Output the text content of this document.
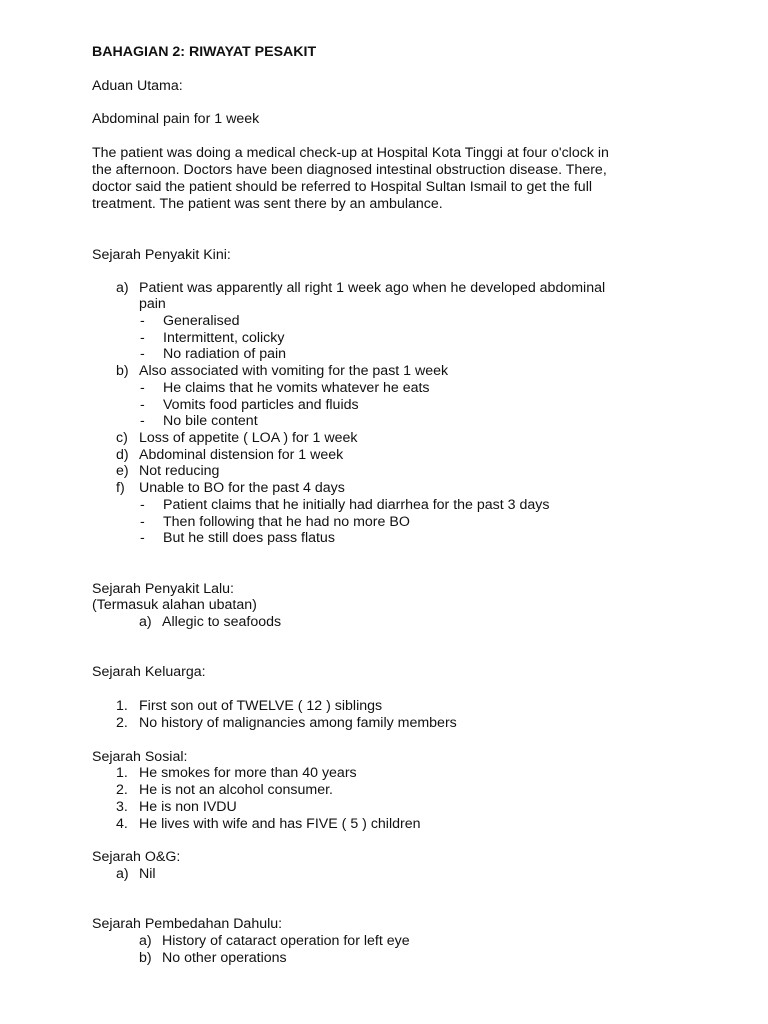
BAHAGIAN 2: RIWAYAT PESAKIT
Aduan Utama:
Abdominal pain for 1 week
The patient was doing a medical check-up at Hospital Kota Tinggi at four o'clock in
the afternoon. Doctors have been diagnosed intestinal obstruction disease. There,
doctor said the patient should be referred to Hospital Sultan Ismail to get the full
treatment. The patient was sent there by an ambulance.
Sejarah Penyakit Kini:
a) Patient was apparently all right 1 week ago when he developed abdominal
pain
- Generalised
- Intermittent, colicky
- No radiation of pain
b) Also associated with vomiting for the past 1 week
- He claims that he vomits whatever he eats
- Vomits food particles and fluids
- No bile content
c) Loss of appetite ( LOA ) for 1 week
d) Abdominal distension for 1 week
e) Not reducing
f) Unable to BO for the past 4 days
- Patient claims that he initially had diarrhea for the past 3 days
- Then following that he had no more BO
- But he still does pass flatus
Sejarah Penyakit Lalu:
(Termasuk alahan ubatan)
a) Allegic to seafoods
Sejarah Keluarga:
1. First son out of TWELVE ( 12 ) siblings
2. No history of malignancies among family members
Sejarah Sosial:
1. He smokes for more than 40 years
2. He is not an alcohol consumer.
3. He is non IVDU
4. He lives with wife and has FIVE ( 5 ) children
Sejarah O&G:
a) Nil
Sejarah Pembedahan Dahulu:
a) History of cataract operation for left eye
b) No other operations
